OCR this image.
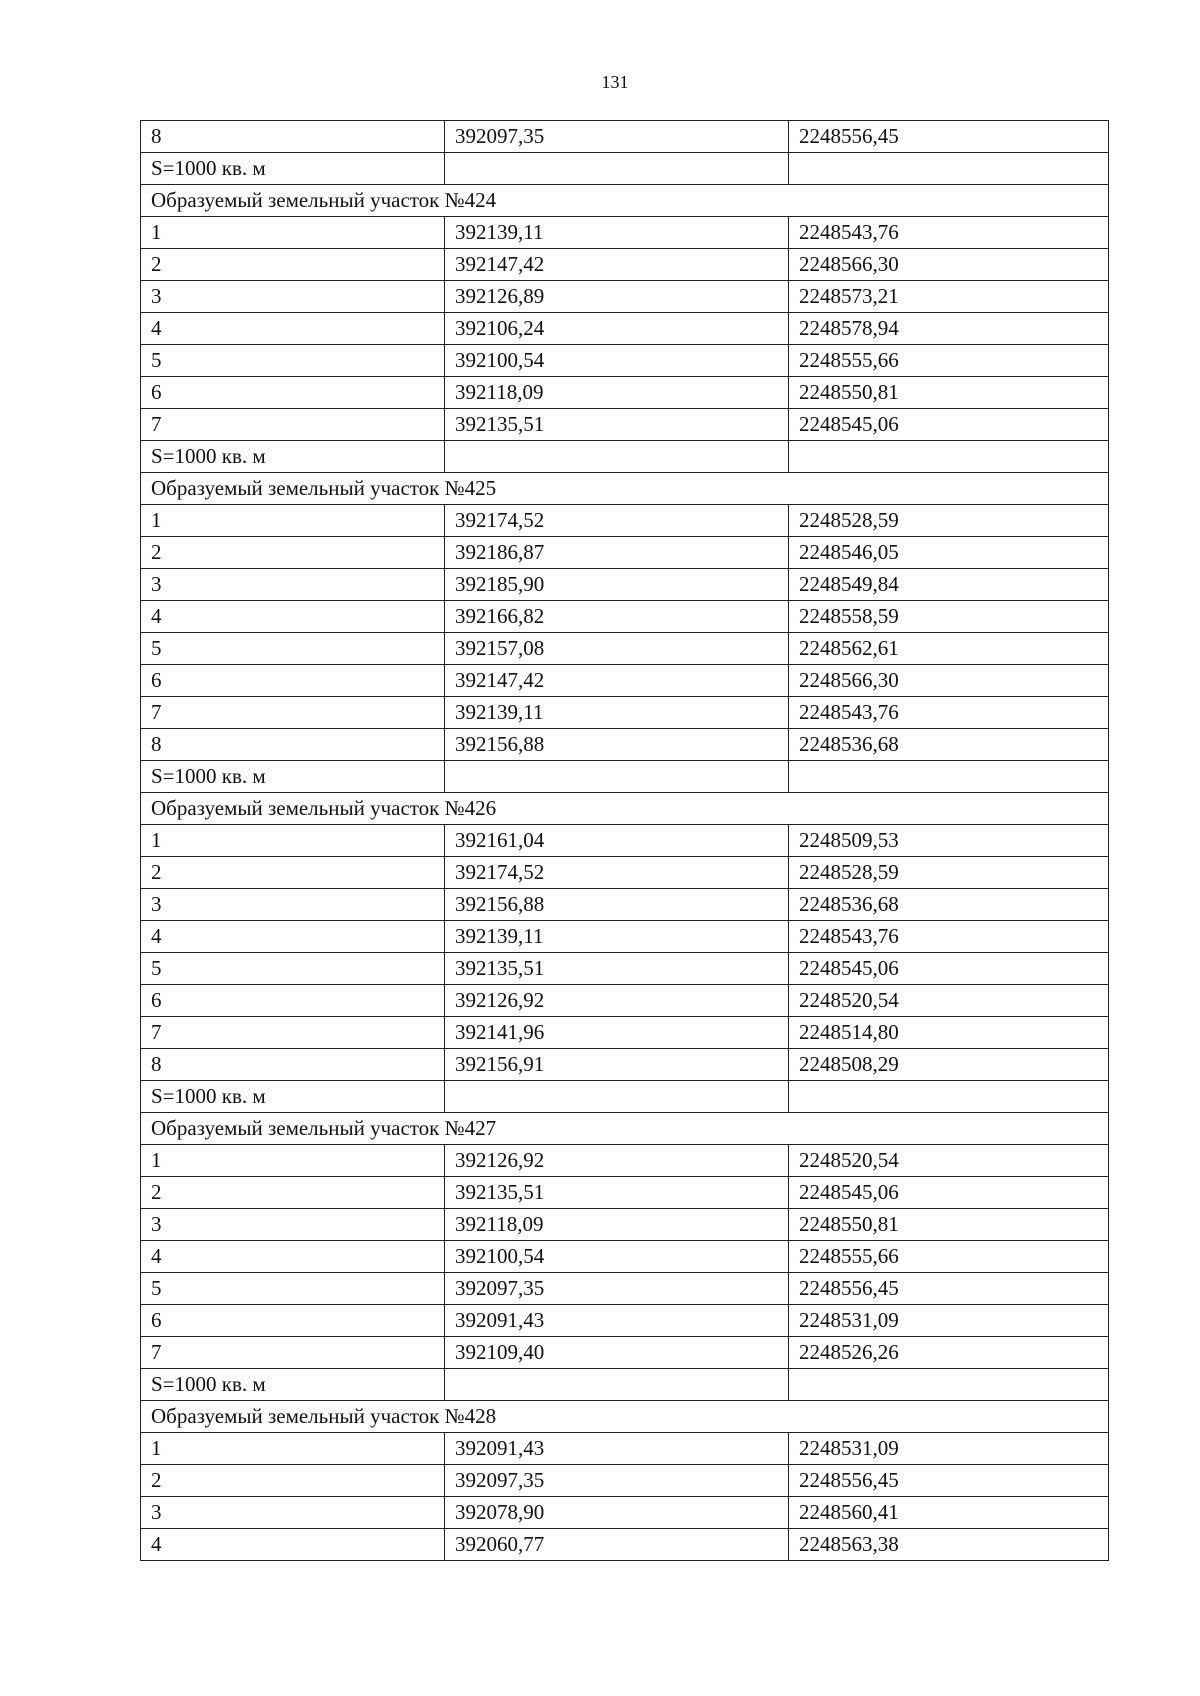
131
8	392097,35	2248556,45
S=1000 кв. м		
Образуемый земельный участок №424		
1	392139,11	2248543,76
2	392147,42	2248566,30
3	392126,89	2248573,21
4	392106,24	2248578,94
5	392100,54	2248555,66
6	392118,09	2248550,81
7	392135,51	2248545,06
S=1000 кв. м		
Образуемый земельный участок №425		
1	392174,52	2248528,59
2	392186,87	2248546,05
3	392185,90	2248549,84
4	392166,82	2248558,59
5	392157,08	2248562,61
6	392147,42	2248566,30
7	392139,11	2248543,76
8	392156,88	2248536,68
S=1000 кв. м		
Образуемый земельный участок №426		
1	392161,04	2248509,53
2	392174,52	2248528,59
3	392156,88	2248536,68
4	392139,11	2248543,76
5	392135,51	2248545,06
6	392126,92	2248520,54
7	392141,96	2248514,80
8	392156,91	2248508,29
S=1000 кв. м		
Образуемый земельный участок №427		
1	392126,92	2248520,54
2	392135,51	2248545,06
3	392118,09	2248550,81
4	392100,54	2248555,66
5	392097,35	2248556,45
6	392091,43	2248531,09
7	392109,40	2248526,26
S=1000 кв. м		
Образуемый земельный участок №428		
1	392091,43	2248531,09
2	392097,35	2248556,45
3	392078,90	2248560,41
4	392060,77	2248563,38
